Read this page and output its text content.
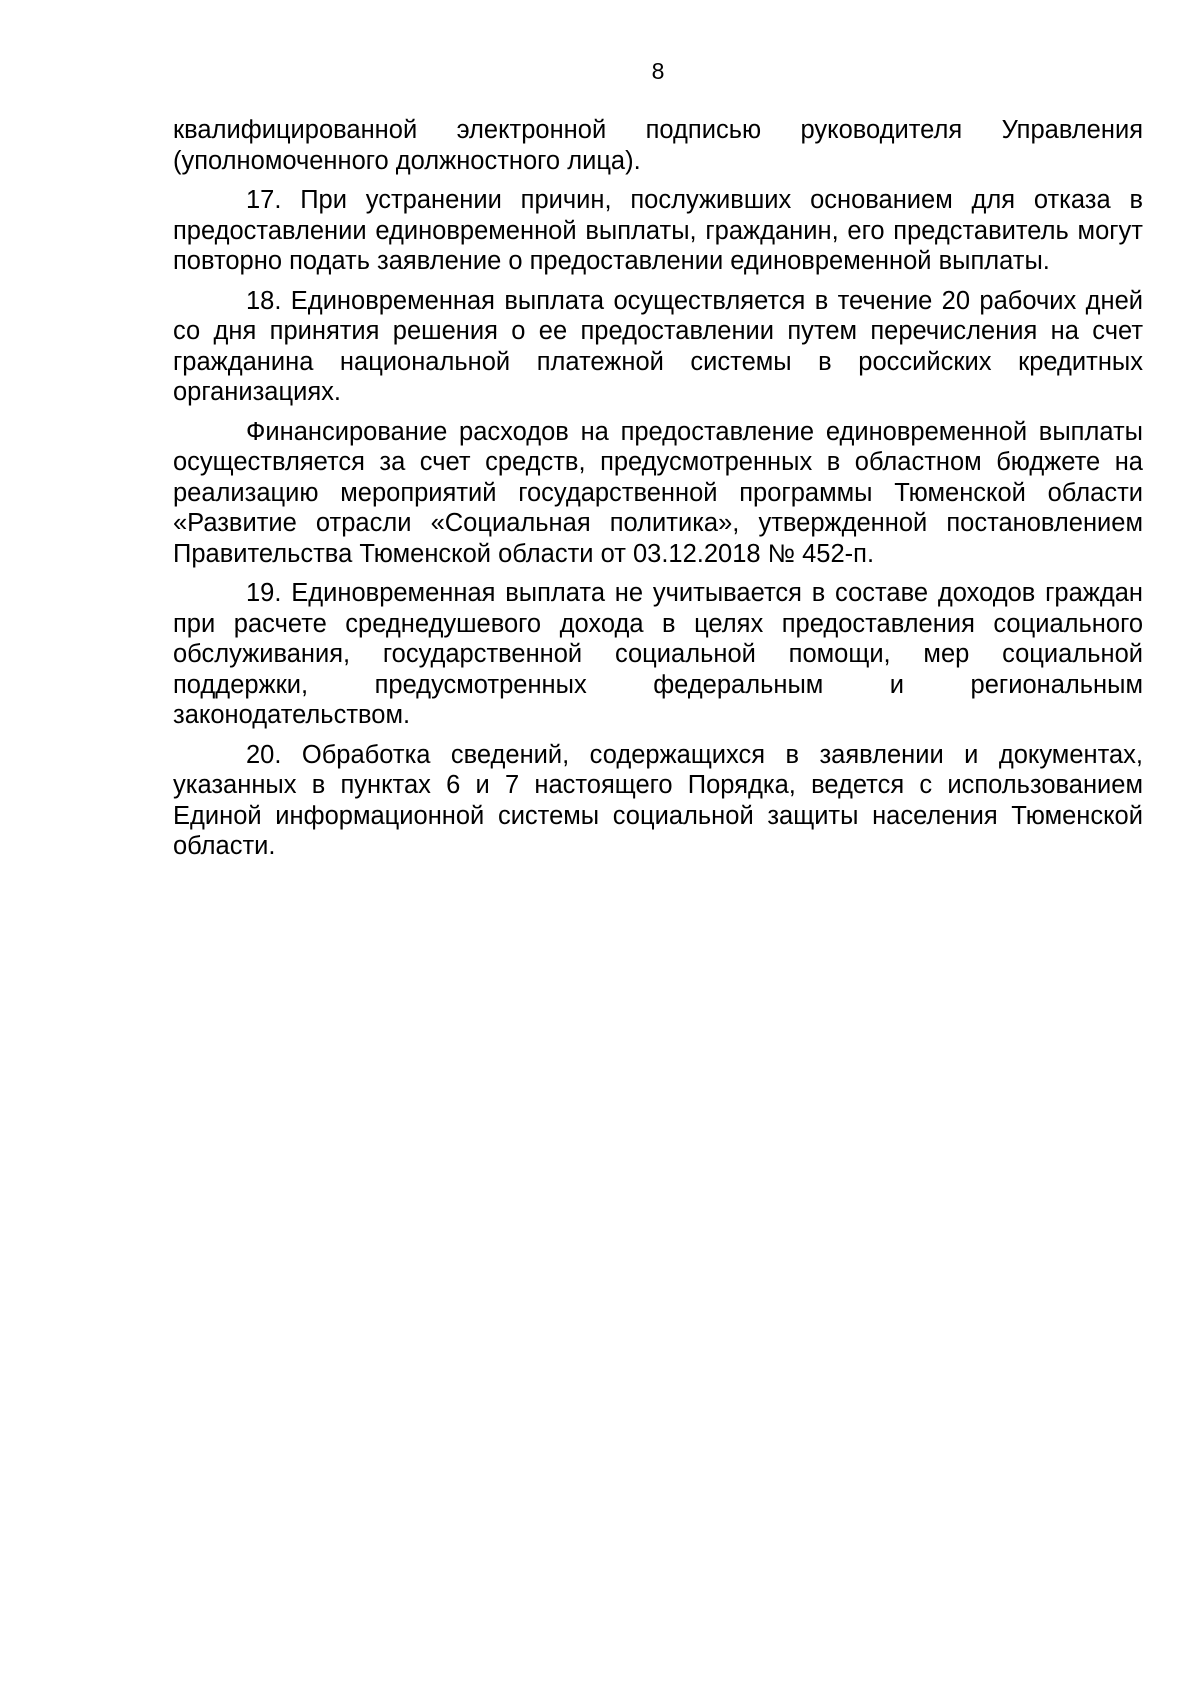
8

квалифицированной электронной подписью руководителя Управления (уполномоченного должностного лица).

17. При устранении причин, послуживших основанием для отказа в предоставлении единовременной выплаты, гражданин, его представитель могут повторно подать заявление о предоставлении единовременной выплаты.

18. Единовременная выплата осуществляется в течение 20 рабочих дней со дня принятия решения о ее предоставлении путем перечисления на счет гражданина национальной платежной системы в российских кредитных организациях.

Финансирование расходов на предоставление единовременной выплаты осуществляется за счет средств, предусмотренных в областном бюджете на реализацию мероприятий государственной программы Тюменской области «Развитие отрасли «Социальная политика», утвержденной постановлением Правительства Тюменской области от 03.12.2018 № 452-п.

19. Единовременная выплата не учитывается в составе доходов граждан при расчете среднедушевого дохода в целях предоставления социального обслуживания, государственной социальной помощи, мер социальной поддержки, предусмотренных федеральным и региональным законодательством.

20. Обработка сведений, содержащихся в заявлении и документах, указанных в пунктах 6 и 7 настоящего Порядка, ведется с использованием Единой информационной системы социальной защиты населения Тюменской области.
